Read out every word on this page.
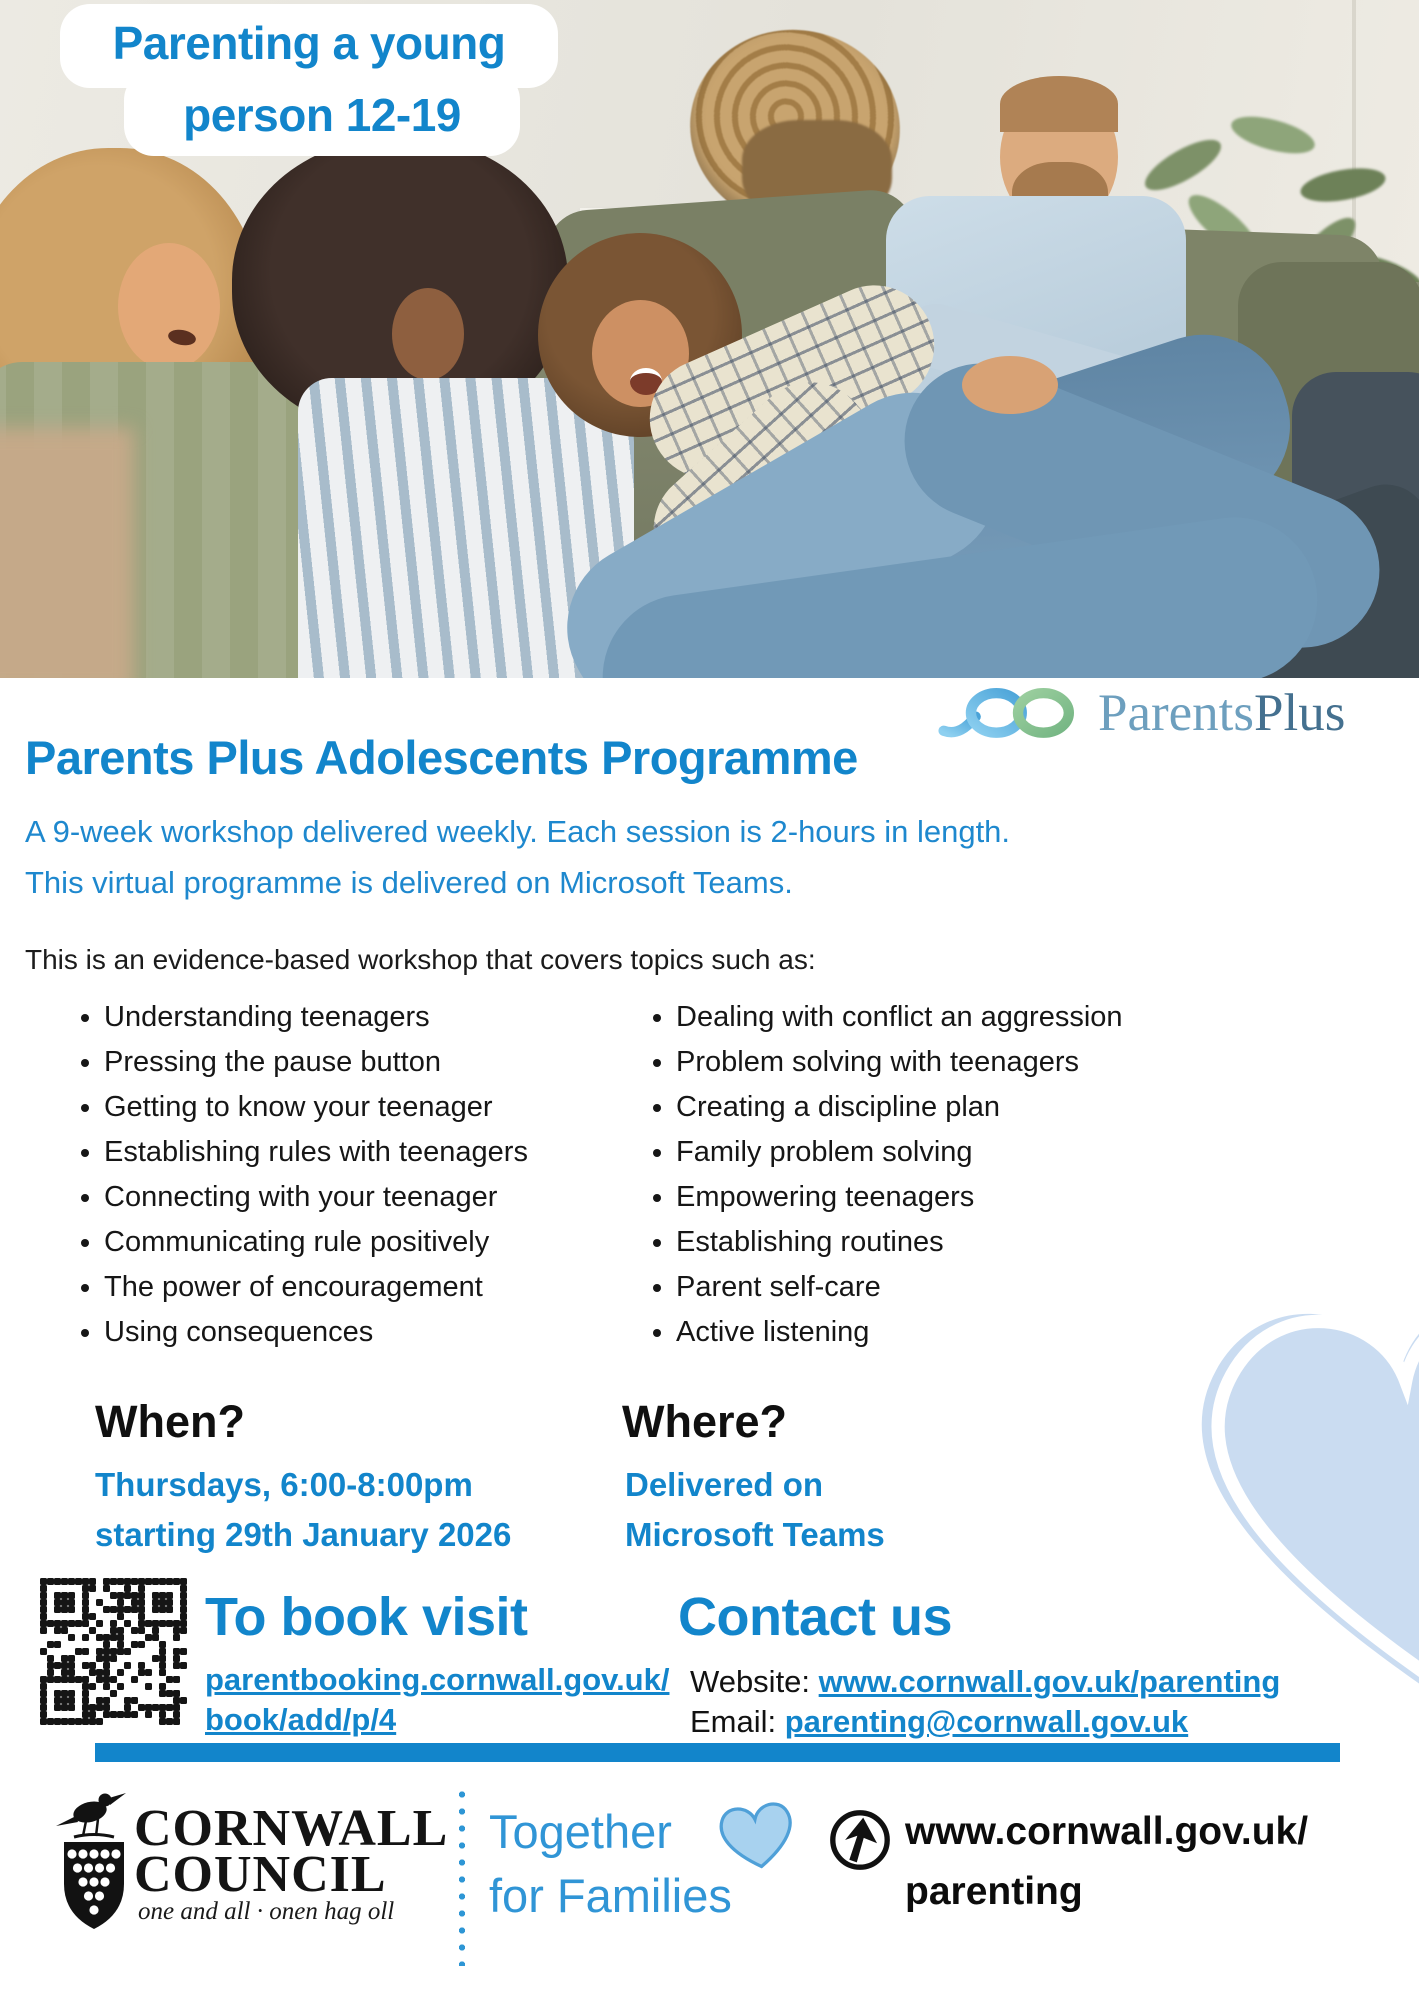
Parenting a young
person 12-19
Parents Plus
Parents Plus Adolescents Programme
A 9-week workshop delivered weekly. Each session is 2-hours in length.
This virtual programme is delivered on Microsoft Teams.
This is an evidence-based workshop that covers topics such as:
• Understanding teenagers
• Pressing the pause button
• Getting to know your teenager
• Establishing rules with teenagers
• Connecting with your teenager
• Communicating rule positively
• The power of encouragement
• Using consequences
• Dealing with conflict an aggression
• Problem solving with teenagers
• Creating a discipline plan
• Family problem solving
• Empowering teenagers
• Establishing routines
• Parent self-care
• Active listening
When?
Thursdays, 6:00-8:00pm
starting 29th January 2026
Where?
Delivered on
Microsoft Teams
To book visit
parentbooking.cornwall.gov.uk/
book/add/p/4
Contact us
Website: www.cornwall.gov.uk/parenting
Email: parenting@cornwall.gov.uk
CORNWALL
COUNCIL
one and all · onen hag oll
Together
for Families
www.cornwall.gov.uk/
parenting
